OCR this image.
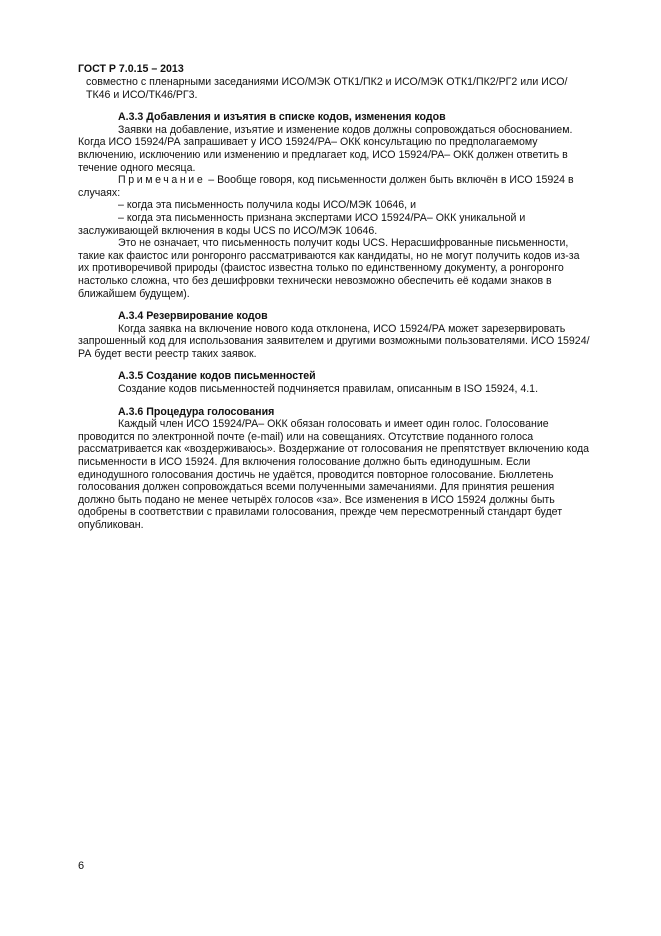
ГОСТ Р 7.0.15 – 2013

совместно с пленарными заседаниями ИСО/МЭК ОТК1/ПК2 и ИСО/МЭК ОТК1/ПК2/РГ2 или ИСО/ТК46 и ИСО/ТК46/РГ3.

А.3.3 Добавления и изъятия в списке кодов, изменения кодов

Заявки на добавление, изъятие и изменение кодов должны сопровождаться обоснованием. Когда ИСО 15924/РА запрашивает у ИСО 15924/РА– ОКК консультацию по предполагаемому включению, исключению или изменению и предлагает код, ИСО 15924/РА– ОКК должен ответить в течение одного месяца.

Примечание – Вообще говоря, код письменности должен быть включён в ИСО 15924 в случаях:

– когда эта письменность получила коды ИСО/МЭК 10646, и

– когда эта письменность признана экспертами ИСО 15924/РА– ОКК уникальной и заслуживающей включения в коды UCS по ИСО/МЭК 10646.

Это не означает, что письменность получит коды UCS. Нерасшифрованные письменности, такие как фаистос или ронгоронго рассматриваются как кандидаты, но не могут получить кодов из-за их противоречивой природы (фаистос известна только по единственному документу, а ронгоронго настолько сложна, что без дешифровки технически невозможно обеспечить её кодами знаков в ближайшем будущем).

А.3.4 Резервирование кодов

Когда заявка на включение нового кода отклонена, ИСО 15924/РА может зарезервировать запрошенный код для использования заявителем и другими возможными пользователями. ИСО 15924/РА будет вести реестр таких заявок.

А.3.5 Создание кодов письменностей

Создание кодов письменностей подчиняется правилам, описанным в ISO 15924, 4.1.

А.3.6 Процедура голосования

Каждый член ИСО 15924/РА– ОКК обязан голосовать и имеет один голос. Голосование проводится по электронной почте (e-mail) или на совещаниях. Отсутствие поданного голоса рассматривается как «воздерживаюсь». Воздержание от голосования не препятствует включению кода письменности в ИСО 15924. Для включения голосование должно быть единодушным. Если единодушного голосования достичь не удаётся, проводится повторное голосование. Бюллетень голосования должен сопровождаться всеми полученными замечаниями. Для принятия решения должно быть подано не менее четырёх голосов «за». Все изменения в ИСО 15924 должны быть одобрены в соответствии с правилами голосования, прежде чем пересмотренный стандарт будет опубликован.

6
